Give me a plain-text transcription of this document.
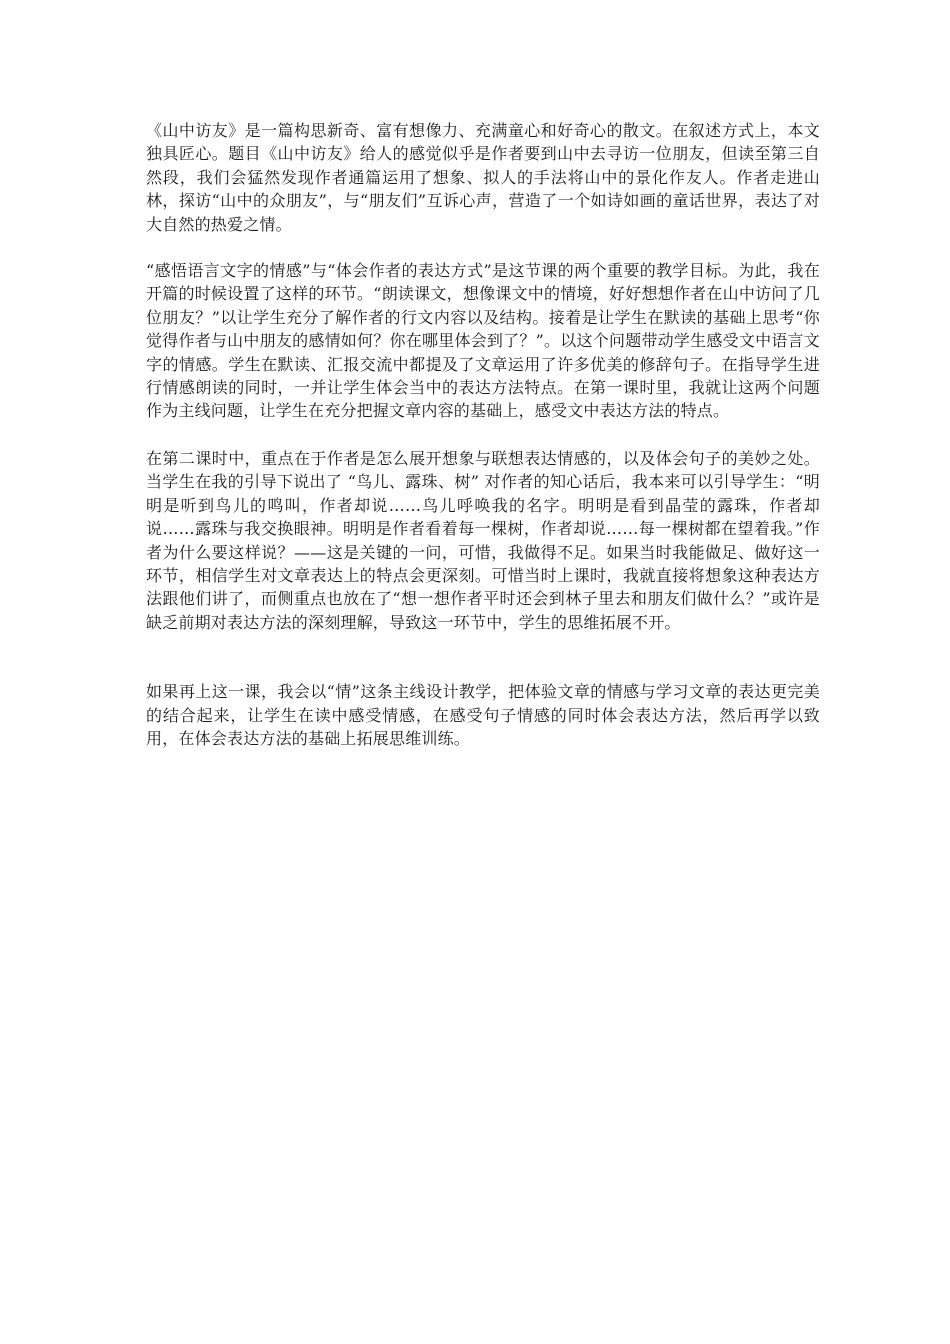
《山中访友》是一篇构思新奇、富有想像力、充满童心和好奇心的散文。在叙述方式上，本文独具匠心。题目《山中访友》给人的感觉似乎是作者要到山中去寻访一位朋友，但读至第三自然段，我们会猛然发现作者通篇运用了想象、拟人的手法将山中的景化作友人。作者走进山林，探访“山中的众朋友”，与“朋友们”互诉心声，营造了一个如诗如画的童话世界，表达了对大自然的热爱之情。

“感悟语言文字的情感”与“体会作者的表达方式”是这节课的两个重要的教学目标。为此，我在开篇的时候设置了这样的环节。“朗读课文，想像课文中的情境，好好想想作者在山中访问了几位朋友？”以让学生充分了解作者的行文内容以及结构。接着是让学生在默读的基础上思考“你觉得作者与山中朋友的感情如何？你在哪里体会到了？”。以这个问题带动学生感受文中语言文字的情感。学生在默读、汇报交流中都提及了文章运用了许多优美的修辞句子。在指导学生进行情感朗读的同时，一并让学生体会当中的表达方法特点。在第一课时里，我就让这两个问题作为主线问题，让学生在充分把握文章内容的基础上，感受文中表达方法的特点。

在第二课时中，重点在于作者是怎么展开想象与联想表达情感的，以及体会句子的美妙之处。当学生在我的引导下说出了 “鸟儿、露珠、树” 对作者的知心话后，我本来可以引导学生：“明明是听到鸟儿的鸣叫，作者却说……鸟儿呼唤我的名字。明明是看到晶莹的露珠，作者却说……露珠与我交换眼神。明明是作者看着每一棵树，作者却说……每一棵树都在望着我。”作者为什么要这样说？——这是关键的一问，可惜，我做得不足。如果当时我能做足、做好这一环节，相信学生对文章表达上的特点会更深刻。可惜当时上课时，我就直接将想象这种表达方法跟他们讲了，而侧重点也放在了“想一想作者平时还会到林子里去和朋友们做什么？”或许是缺乏前期对表达方法的深刻理解，导致这一环节中，学生的思维拓展不开。

如果再上这一课，我会以“情”这条主线设计教学，把体验文章的情感与学习文章的表达更完美的结合起来，让学生在读中感受情感，在感受句子情感的同时体会表达方法，然后再学以致用，在体会表达方法的基础上拓展思维训练。
